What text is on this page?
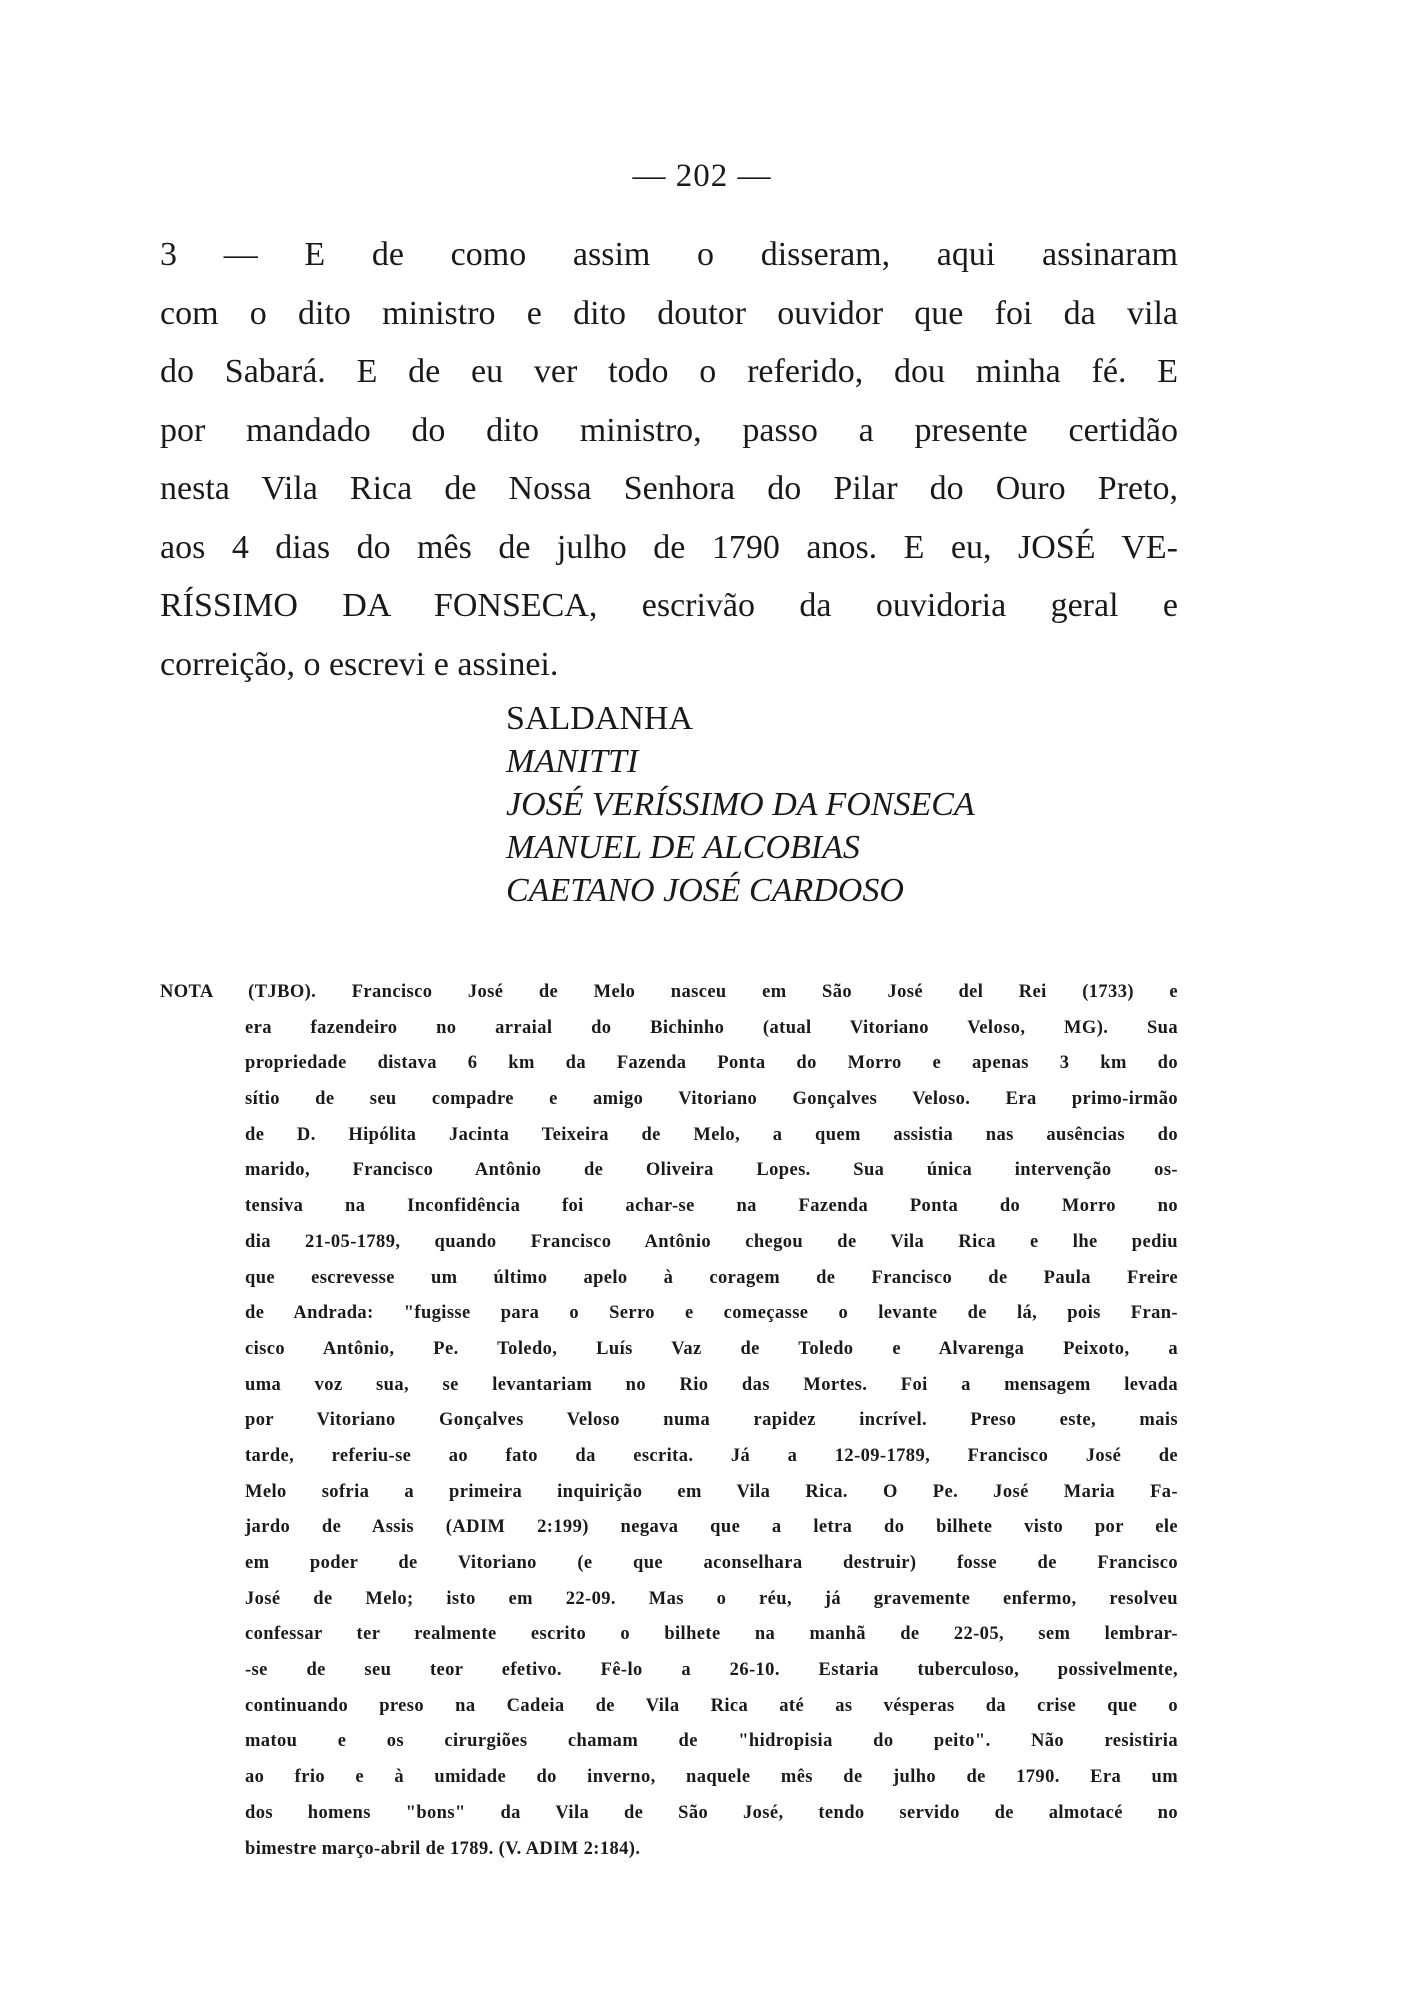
— 202 —
3 — E de como assim o disseram, aqui assinaram
com o dito ministro e dito doutor ouvidor que foi da vila
do Sabará. E de eu ver todo o referido, dou minha fé. E
por mandado do dito ministro, passo a presente certidão
nesta Vila Rica de Nossa Senhora do Pilar do Ouro Preto,
aos 4 dias do mês de julho de 1790 anos. E eu, JOSÉ VE-
RÍSSIMO DA FONSECA, escrivão da ouvidoria geral e
correição, o escrevi e assinei.
SALDANHA
MANITTI
JOSÉ VERÍSSIMO DA FONSECA
MANUEL DE ALCOBIAS
CAETANO JOSÉ CARDOSO
NOTA (TJBO). Francisco José de Melo nasceu em São José del Rei (1733) e
era fazendeiro no arraial do Bichinho (atual Vitoriano Veloso, MG). Sua
propriedade distava 6 km da Fazenda Ponta do Morro e apenas 3 km do
sítio de seu compadre e amigo Vitoriano Gonçalves Veloso. Era primo-irmão
de D. Hipólita Jacinta Teixeira de Melo, a quem assistia nas ausências do
marido, Francisco Antônio de Oliveira Lopes. Sua única intervenção os-
tensiva na Inconfidência foi achar-se na Fazenda Ponta do Morro no
dia 21-05-1789, quando Francisco Antônio chegou de Vila Rica e lhe pediu
que escrevesse um último apelo à coragem de Francisco de Paula Freire
de Andrada: "fugisse para o Serro e começasse o levante de lá, pois Fran-
cisco Antônio, Pe. Toledo, Luís Vaz de Toledo e Alvarenga Peixoto, a
uma voz sua, se levantariam no Rio das Mortes. Foi a mensagem levada
por Vitoriano Gonçalves Veloso numa rapidez incrível. Preso este, mais
tarde, referiu-se ao fato da escrita. Já a 12-09-1789, Francisco José de
Melo sofria a primeira inquirição em Vila Rica. O Pe. José Maria Fa-
jardo de Assis (ADIM 2:199) negava que a letra do bilhete visto por ele
em poder de Vitoriano (e que aconselhara destruir) fosse de Francisco
José de Melo; isto em 22-09. Mas o réu, já gravemente enfermo, resolveu
confessar ter realmente escrito o bilhete na manhã de 22-05, sem lembrar-
-se de seu teor efetivo. Fê-lo a 26-10. Estaria tuberculoso, possivelmente,
continuando preso na Cadeia de Vila Rica até as vésperas da crise que o
matou e os cirurgiões chamam de "hidropisia do peito". Não resistiria
ao frio e à umidade do inverno, naquele mês de julho de 1790. Era um
dos homens "bons" da Vila de São José, tendo servido de almotacé no
bimestre março-abril de 1789. (V. ADIM 2:184).
